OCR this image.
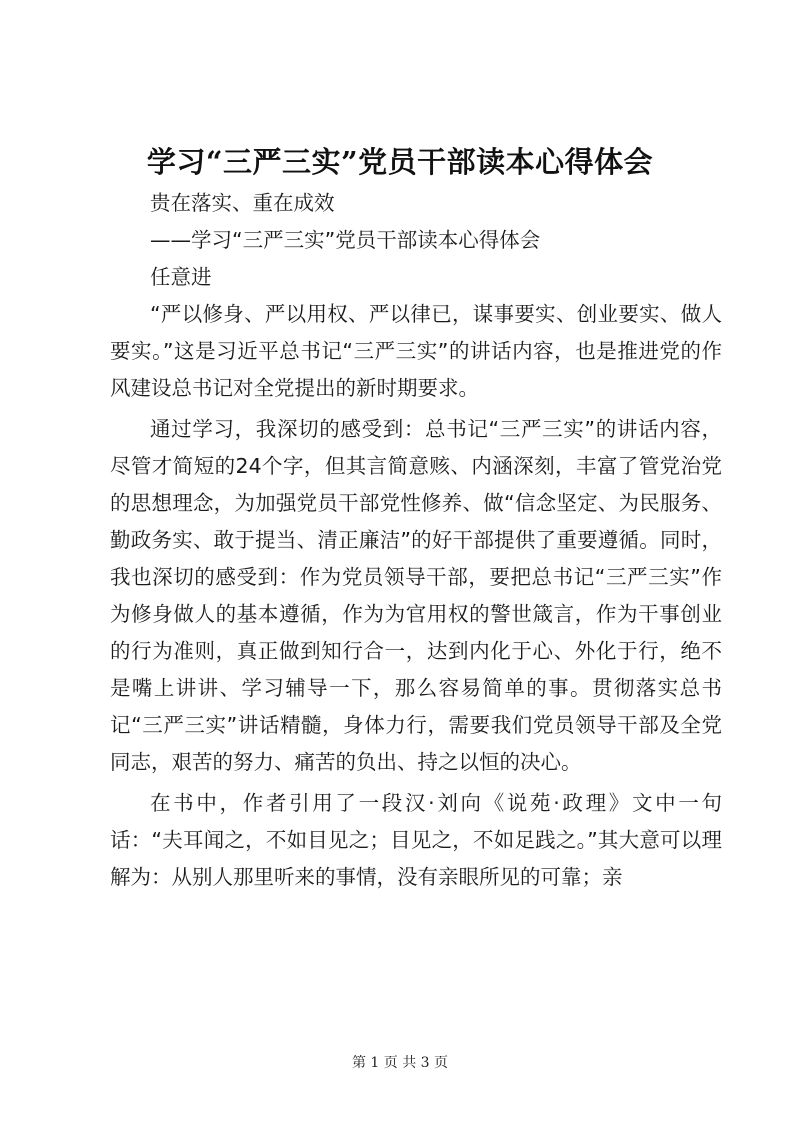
学习“三严三实”党员干部读本心得体会

贵在落实、重在成效

——学习“三严三实”党员干部读本心得体会

任意进

“严以修身、严以用权、严以律已，谋事要实、创业要实、做人要实。”这是习近平总书记“三严三实”的讲话内容，也是推进党的作风建设总书记对全党提出的新时期要求。

通过学习，我深切的感受到：总书记“三严三实”的讲话内容，尽管才简短的24个字，但其言简意赅、内涵深刻，丰富了管党治党的思想理念，为加强党员干部党性修养、做“信念坚定、为民服务、勤政务实、敢于提当、清正廉洁”的好干部提供了重要遵循。同时，我也深切的感受到：作为党员领导干部，要把总书记“三严三实”作为修身做人的基本遵循，作为为官用权的警世箴言，作为干事创业的行为准则，真正做到知行合一，达到内化于心、外化于行，绝不是嘴上讲讲、学习辅导一下，那么容易简单的事。贯彻落实总书记“三严三实”讲话精髓，身体力行，需要我们党员领导干部及全党同志，艰苦的努力、痛苦的负出、持之以恒的决心。

在书中，作者引用了一段汉·刘向《说苑·政理》文中一句话：“夫耳闻之，不如目见之；目见之，不如足践之。”其大意可以理解为：从别人那里听来的事情，没有亲眼所见的可靠；亲

第 1 页 共 3 页
